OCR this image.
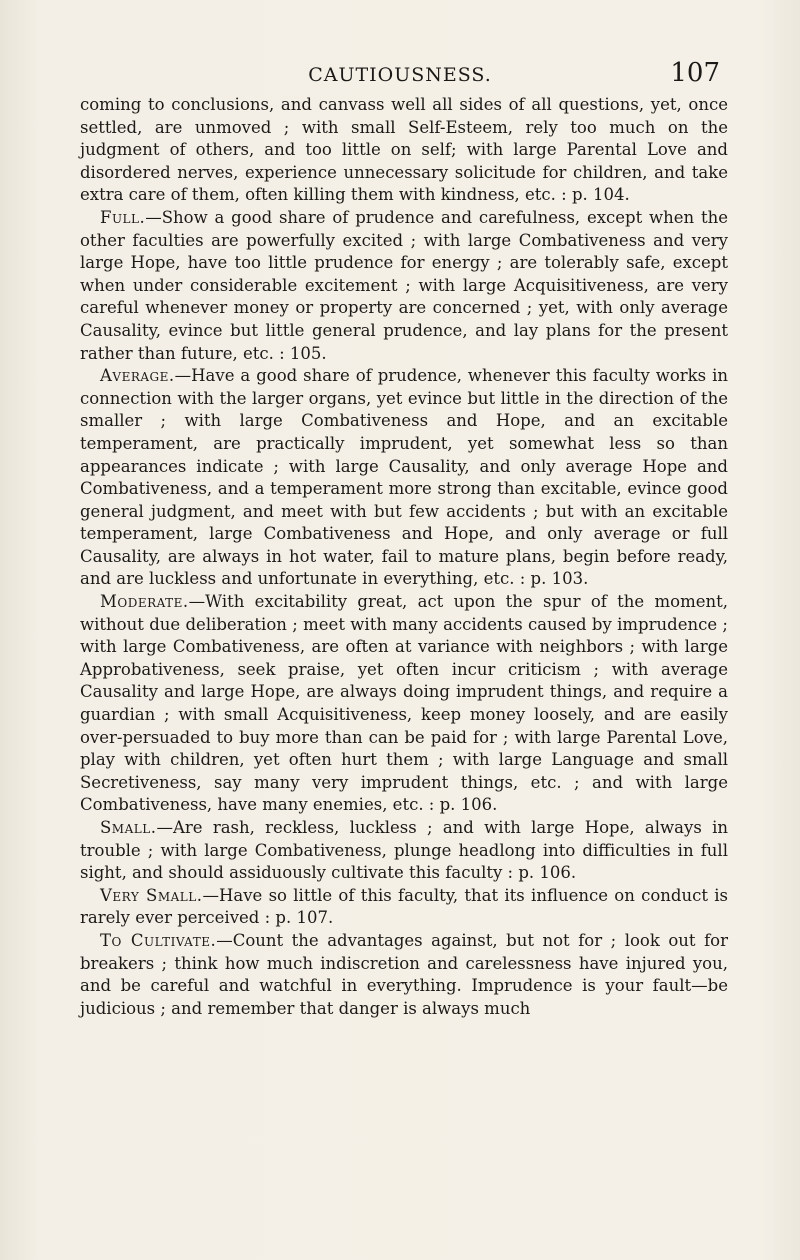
CAUTIOUSNESS.	107

coming to conclusions, and canvass well all sides of all questions, yet, once settled, are unmoved ; with small Self-Esteem, rely too much on the judgment of others, and too little on self; with large Parental Love and disordered nerves, experience unnecessary solicitude for children, and take extra care of them, often killing them with kindness, etc. : p. 104.

Full.—Show a good share of prudence and carefulness, except when the other faculties are powerfully excited ; with large Combativeness and very large Hope, have too little prudence for energy ; are tolerably safe, except when under considerable excitement ; with large Acquisitiveness, are very careful whenever money or property are concerned ; yet, with only average Causality, evince but little general prudence, and lay plans for the present rather than future, etc. : 105.

Average.—Have a good share of prudence, whenever this faculty works in connection with the larger organs, yet evince but little in the direction of the smaller ; with large Combativeness and Hope, and an excitable temperament, are practically imprudent, yet somewhat less so than appearances indicate ; with large Causality, and only average Hope and Combativeness, and a temperament more strong than excitable, evince good general judgment, and meet with but few accidents ; but with an excitable temperament, large Combativeness and Hope, and only average or full Causality, are always in hot water, fail to mature plans, begin before ready, and are luckless and unfortunate in everything, etc. : p. 103.

Moderate.—With excitability great, act upon the spur of the moment, without due deliberation ; meet with many accidents caused by imprudence ; with large Combativeness, are often at variance with neighbors ; with large Approbativeness, seek praise, yet often incur criticism ; with average Causality and large Hope, are always doing imprudent things, and require a guardian ; with small Acquisitiveness, keep money loosely, and are easily over-persuaded to buy more than can be paid for ; with large Parental Love, play with children, yet often hurt them ; with large Language and small Secretiveness, say many very imprudent things, etc. ; and with large Combativeness, have many enemies, etc. : p. 106.

Small.—Are rash, reckless, luckless ; and with large Hope, always in trouble ; with large Combativeness, plunge headlong into difficulties in full sight, and should assiduously cultivate this faculty : p. 106.

Very Small.—Have so little of this faculty, that its influence on conduct is rarely ever perceived : p. 107.

To Cultivate.—Count the advantages against, but not for ; look out for breakers ; think how much indiscretion and carelessness have injured you, and be careful and watchful in everything. Imprudence is your fault—be judicious ; and remember that danger is always much
